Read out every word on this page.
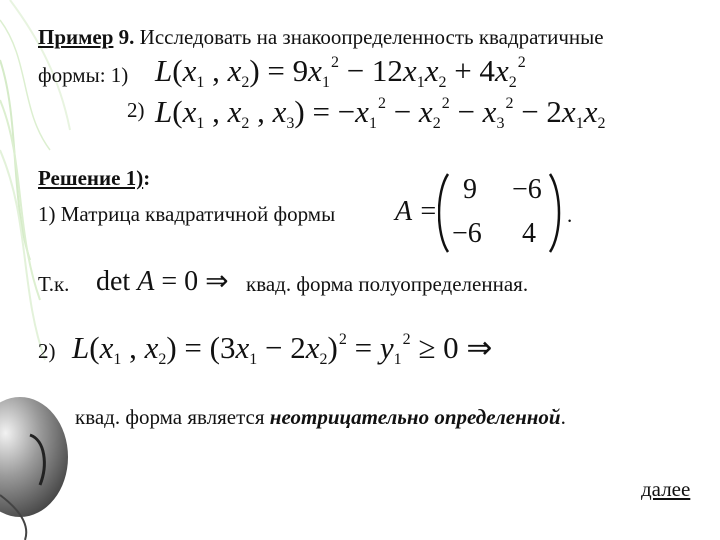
Пример 9. Исследовать на знакоопределенность квадратичные
формы: 1) $L(x_1$ , $x_2) = 9x_1^2 - 12x_1x_2 + 4x_2^2$
2) $L(x_1$ , $x_2$ , $x_3) = -x_1^2 - x_2^2 - x_3^2 - 2x_1x_2$
Решение 1):
1) Матрица квадратичной формы A =
9 −6
−6 4
.
Т.к. det A = 0 ⇒ квад. форма полуопределенная.
2) $L(x_1$ , $x_2) = (3x_1 - 2x_2)^2 = y_1^2 \ge 0$ ⇒
квад. форма является неотрицательно определенной.
далее
